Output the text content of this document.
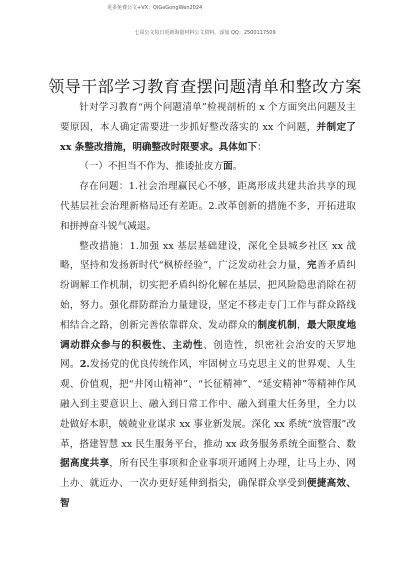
更多免费公文+VX：QiGeGongWen2024
七哥公文每日更新海量材料公文资料，添加 QQ：2500117509
领导干部学习教育查摆问题清单和整改方案

针对学习教育“两个问题清单”检视剖析的 x 个方面突出问题及主要原因，本人确定需要进一步抓好整改落实的 xx 个问题，并制定了 xx 条整改措施，明确整改时限要求。具体如下：

（一）不担当不作为、推诿扯皮方面。

存在问题：1.社会治理赢民心不够，距离形成共建共治共享的现代基层社会治理新格局还有差距。2.改革创新的措施不多，开拓进取和拼搏奋斗锐气减退。

整改措施：1.加强 xx 基层基础建设，深化全县城乡社区 xx 战略，坚持和发扬新时代“枫桥经验”，广泛发动社会力量，完善矛盾纠纷调解工作机制，切实把矛盾纠纷化解在基层，把风险隐患消除在初始，努力。强化群防群治力量建设，坚定不移走专门工作与群众路线相结合之路，创新完善依靠群众、发动群众的制度机制，最大限度地调动群众参与的积极性、主动性、创造性，织密社会治安的天罗地网。2.发扬党的优良传统作风，牢固树立马克思主义的世界观、人生观、价值观，把“井冈山精神”、“长征精神”、“延安精神”等精神作风融入到主要意识上、融入到日常工作中、融入到重大任务里，全力以赴做好本职，兢兢业业谋求 xx 事业新发展。深化 xx 系统“放管服”改革，搭建智慧 xx 民生服务平台，推动 xx 政务服务系统全面整合、数据高度共享，所有民生事项和企业事项开通网上办理，让马上办、网上办、就近办、一次办更好延伸到指尖，确保群众享受到便捷高效、智
